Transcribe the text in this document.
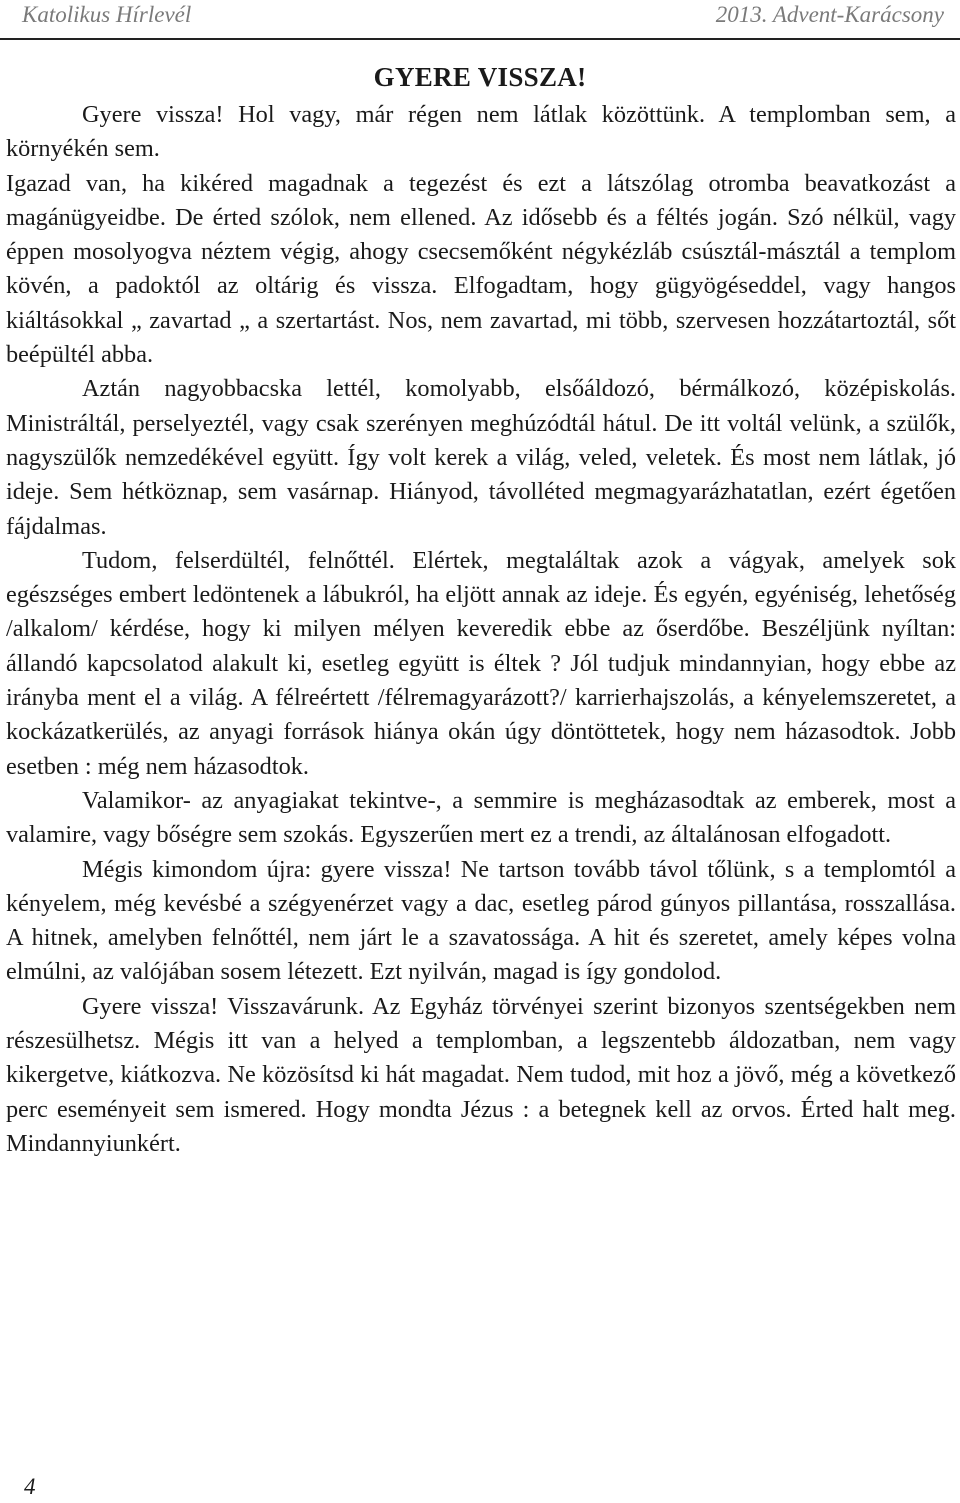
Katolikus Hírlevél	2013. Advent-Karácsony
GYERE VISSZA!

Gyere vissza! Hol vagy, már régen nem látlak közöttünk. A templomban sem, a környékén sem.

Igazad van, ha kikéred magadnak a tegezést és ezt a látszólag otromba beavatkozást a magánügyeidbe. De érted szólok, nem ellened. Az idősebb és a féltés jogán. Szó nélkül, vagy éppen mosolyogva néztem végig, ahogy csecsemőként négykézláb csúsztál-másztál a templom kövén, a padoktól az oltárig és vissza. Elfogadtam, hogy gügyögéseddel, vagy hangos kiáltásokkal „ zavartad „ a szertartást. Nos, nem zavartad, mi több, szervesen hozzátartoztál, sőt beépültél abba.

Aztán nagyobbacska lettél, komolyabb, elsőáldozó, bérmálkozó, középiskolás. Ministráltál, perselyeztél, vagy csak szerényen meghúzódtál hátul. De itt voltál velünk, a szülők, nagyszülők nemzedékével együtt. Így volt kerek a világ, veled, veletek. És most nem látlak, jó ideje. Sem hétköznap, sem vasárnap. Hiányod, távolléted megmagyarázhatatlan, ezért égetően fájdalmas.

Tudom, felserdültél, felnőttél. Elértek, megtaláltak azok a vágyak, amelyek sok egészséges embert ledöntenek a lábukról, ha eljött annak az ideje. És egyén, egyéniség, lehetőség /alkalom/ kérdése, hogy ki milyen mélyen keveredik ebbe az őserdőbe. Beszéljünk nyíltan: állandó kapcsolatod alakult ki, esetleg együtt is éltek ? Jól tudjuk mindannyian, hogy ebbe az irányba ment el a világ. A félreértett /félremagyarázott?/ karrierhajszolás, a kényelemszeretet, a kockázatkerülés, az anyagi források hiánya okán úgy döntöttetek, hogy nem házasodtok. Jobb esetben : még nem házasodtok.

Valamikor- az anyagiakat tekintve-, a semmire is megházasodtak az emberek, most a valamire, vagy bőségre sem szokás. Egyszerűen mert ez a trendi, az általánosan elfogadott.

Mégis kimondom újra: gyere vissza! Ne tartson tovább távol tőlünk, s a templomtól a kényelem, még kevésbé a szégyenérzet vagy a dac, esetleg párod gúnyos pillantása, rosszallása. A hitnek, amelyben felnőttél, nem járt le a szavatossága. A hit és szeretet, amely képes volna elmúlni, az valójában sosem létezett. Ezt nyilván, magad is így gondolod.

Gyere vissza! Visszavárunk. Az Egyház törvényei szerint bizonyos szentségekben nem részesülhetsz. Mégis itt van a helyed a templomban, a legszentebb áldozatban, nem vagy kikergetve, kiátkozva. Ne közösítsd ki hát magadat. Nem tudod, mit hoz a jövő, még a következő perc eseményeit sem ismered. Hogy mondta Jézus : a betegnek kell az orvos. Érted halt meg. Mindannyiunkért.

4
